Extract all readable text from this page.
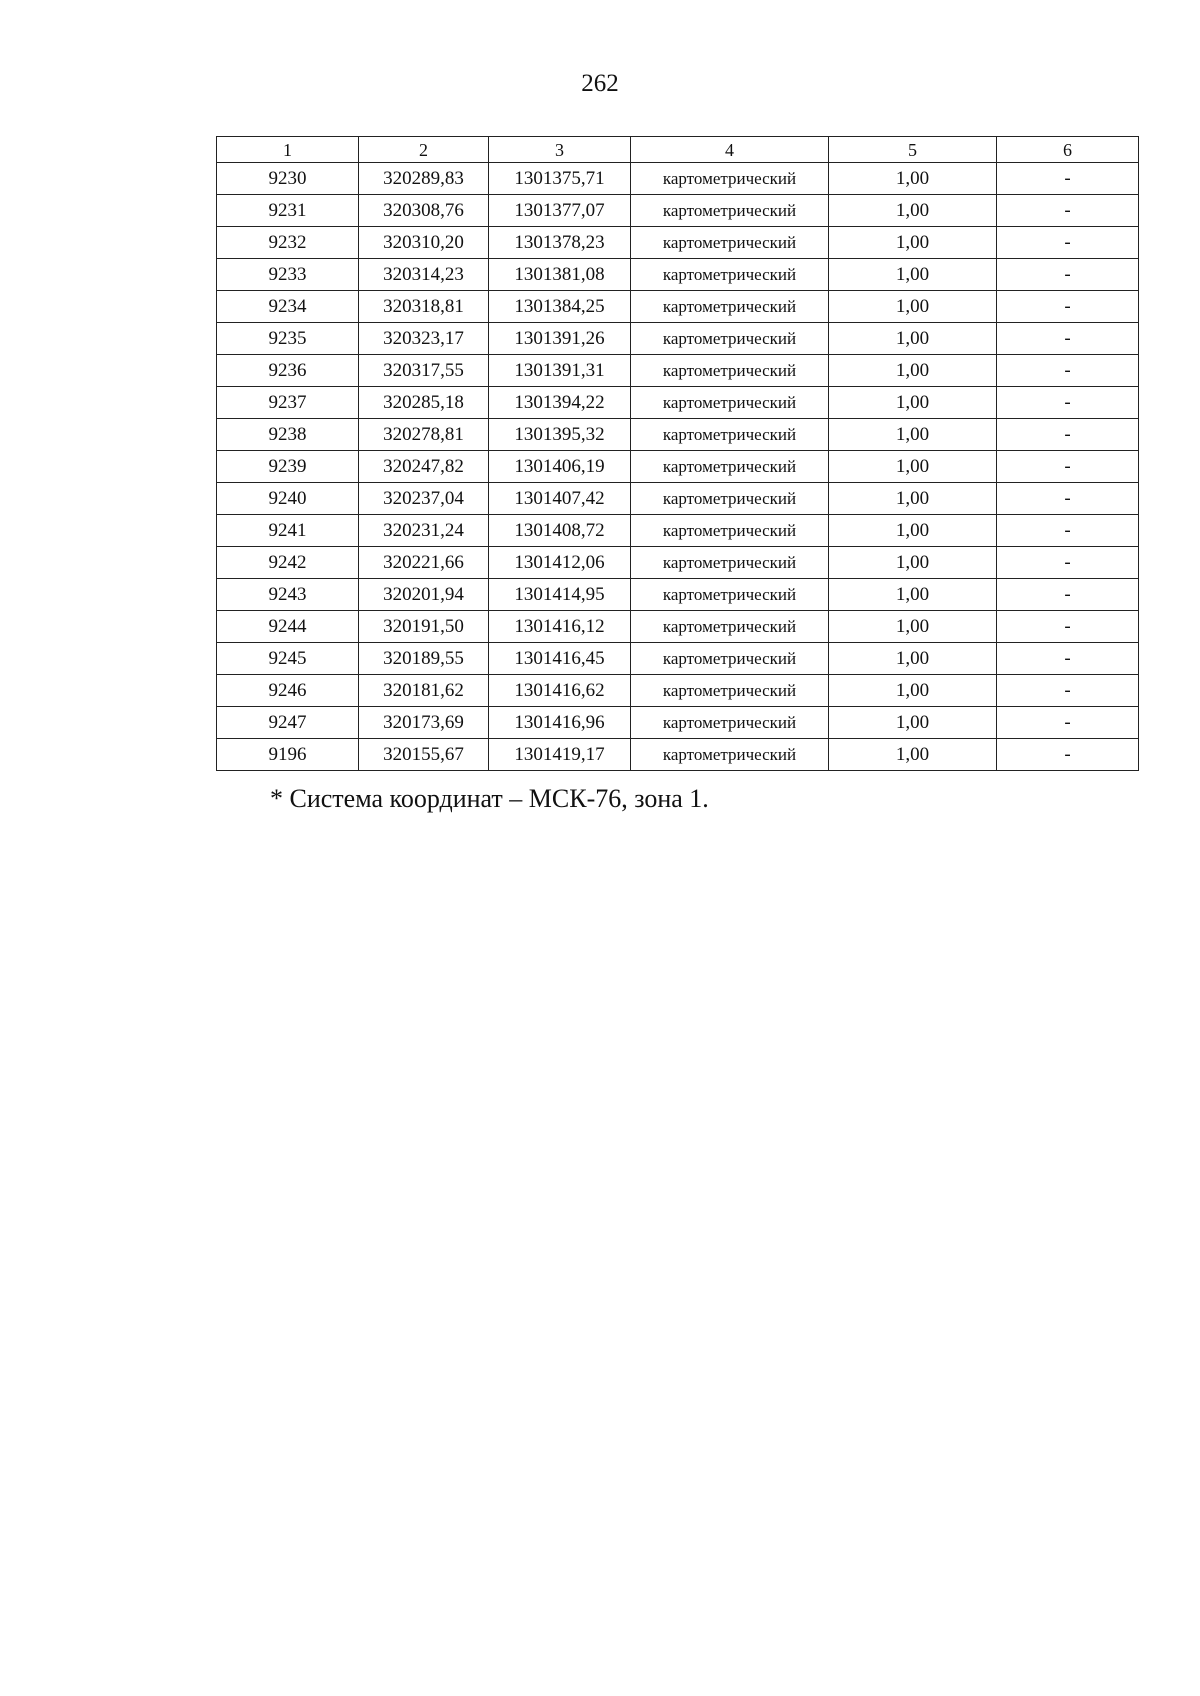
262
1	2	3	4	5	6
9230	320289,83	1301375,71	картометрический	1,00	-
9231	320308,76	1301377,07	картометрический	1,00	-
9232	320310,20	1301378,23	картометрический	1,00	-
9233	320314,23	1301381,08	картометрический	1,00	-
9234	320318,81	1301384,25	картометрический	1,00	-
9235	320323,17	1301391,26	картометрический	1,00	-
9236	320317,55	1301391,31	картометрический	1,00	-
9237	320285,18	1301394,22	картометрический	1,00	-
9238	320278,81	1301395,32	картометрический	1,00	-
9239	320247,82	1301406,19	картометрический	1,00	-
9240	320237,04	1301407,42	картометрический	1,00	-
9241	320231,24	1301408,72	картометрический	1,00	-
9242	320221,66	1301412,06	картометрический	1,00	-
9243	320201,94	1301414,95	картометрический	1,00	-
9244	320191,50	1301416,12	картометрический	1,00	-
9245	320189,55	1301416,45	картометрический	1,00	-
9246	320181,62	1301416,62	картометрический	1,00	-
9247	320173,69	1301416,96	картометрический	1,00	-
9196	320155,67	1301419,17	картометрический	1,00	-
* Система координат – МСК-76, зона 1.
